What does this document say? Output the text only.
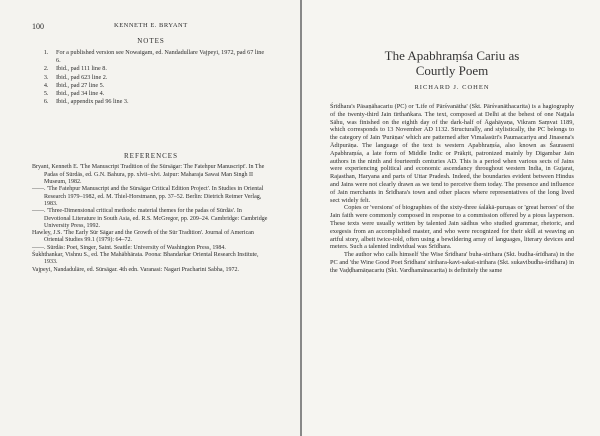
100	KENNETH E. BRYANT
NOTES
1. For a published version see Nowaigam, ed. Nandadullare Vajpeyi, 1972, pad 67 line 6.
2. Ibid., pad 111 line 8.
3. Ibid., pad 623 line 2.
4. Ibid., pad 27 line 5.
5. Ibid., pad 34 line 4.
6. Ibid., appendix pad 96 line 3.
REFERENCES

Bryant, Kenneth E. 'The Manuscript Tradition of the Sūrsāgar: The Fatehpur Manuscript'. In The Padas of Sūrdās, ed. G.N. Bahura, pp. xlvii–xlvi. Jaipur: Maharaja Sawai Man Singh II Museum, 1982.

——. 'The Fatehpur Manuscript and the Sūrsāgar Critical Edition Project'. In Studies in Oriental Research 1979–1982, ed. M. Thiel-Horstmann, pp. 37–52. Berlin: Dietrich Reimer Verlag, 1983.

——. 'Three-Dimensional critical methods: material themes for the padas of Sūrdās'. In Devotional Literature in South Asia, ed. R.S. McGregor, pp. 209–24. Cambridge: Cambridge University Press, 1992.

Hawley, J.S. 'The Early Sūr Sāgar and the Growth of the Sūr Tradition'. Journal of American Oriental Studies 99.1 (1979): 64–72.

——. Sūrdās: Poet, Singer, Saint. Seattle: University of Washington Press, 1984.

Śukhthankar, Vishnu S., ed. The Mahābhārata. Poona: Bhandarkar Oriental Research Institute, 1933.

Vajpeyi, Nandadulāre, ed. Sūrsāgar. 4th edn. Varanasi: Nagari Pracharini Sabha, 1972.

The Apabhraṃśa Cariu as
Courtly Poem
RICHARD J. COHEN

Śrīdhara's Pāsaṇāhacariu (PC) or 'Life of Pārśvanātha' (Skt. Pārśvanāthacarita) is a hagiography of the twenty-third Jain tīrthaṅkara. The text, composed at Delhi at the behest of one Naṭṭala Sāhu, was finished on the eighth day of the dark-half of Āgahāyaṇa, Vikram Saṃvat 1189, which corresponds to 13 November AD 1132. Structurally, and stylistically, the PC belongs to the category of Jain 'Purāṇas' which are patterned after Vimalasūri's Paumacariyu and Jinasena's Ādipurāṇa. The language of the text is western Apabhraṃśa, also known as Śauraseni Apabhraṃśa, a late form of Middle Indic or Prākṛit, patronized mainly by Digambar Jain authors in the ninth and fourteenth centuries AD. This is a period when various sects of Jains were experiencing political and economic ascendancy throughout western India, in Gujarat, Rajasthan, Haryana and parts of Uttar Pradesh. Indeed, the boundaries evident between Hindus and Jains were not clearly drawn as we tend to perceive them today. The presence and influence of Jain merchants in Śrīdhara's town and other places where representatives of the long lived sect widely felt.

Copies or 'versions' of biographies of the sixty-three śalākā-puruṣas or 'great heroes' of the Jain faith were commonly composed in response to a commission offered by a pious layperson. These texts were usually written by talented Jain sādhus who studied grammar, rhetoric, and exegesis from an accomplished master, and who were recognized for their skill at weaving an artful story, albeit twice-told, often using a bewildering array of languages, literary devices and meters. Such a talented individual was Śrīdhara.

The author who calls himself 'the Wise Śrīdhara' buha-sirihara (Skt. budha-śrīdhara) in the PC and 'the Wine Good Poet Śrīdhara' sirihara-kavi-sakai-sirihara (Skt. sukavibudha-śrīdhara) in the Vaḍḍhamāṇacariu (Skt. Vardhamānacarita) is definitely the same
